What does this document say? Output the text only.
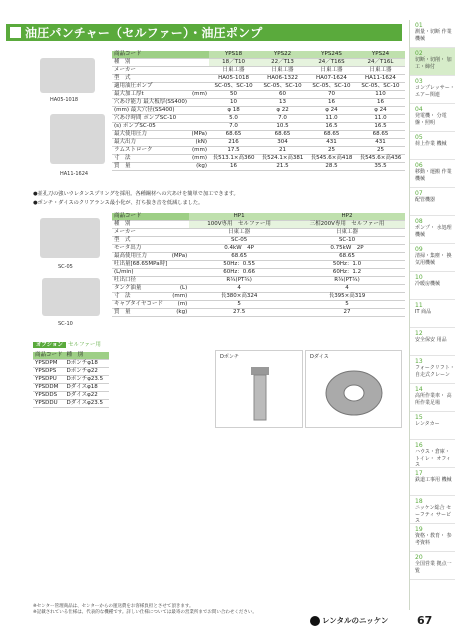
油圧パンチャー（セルファー）・油圧ポンプ
01
測量・切断 作業機械
02
切断・切削・ 加工・締付
03
コンプレッサー・ エアー関連
04
発電機・ 分電盤・照明
05
荷上作業 機械
06
移動・運搬 作業機械
07
配管機器
08
ポンプ・ 水処理機械
09
清掃・集塵・ 換気用機械
10
冷暖房機械
11
IT 商品
12
安全保安 用品
13
フォークリフト・ 自走式クレーン
14
高所作業車・ 高所作業足場
15
レンタカー
16
ハウス・倉庫・ トイレ・ オフィス
17
鉄道工事用 機械
18
ニッケン総合 セーフティ サービス
19
資格・教育・ 参考資料
20
全国営業 拠点一覧
HA05-1018
HA11-1624
商品コード		YPS18	YPS22	YPS24S	YPS24
種　別		18／T10	22／T13	24／T16S	24／T16L
メーカー		日東工器	日東工器	日東工器	日東工器
型　式		HA05-1018	HA06-1322	HA07-1624	HA11-1624
適用油圧ポンプ		SC-05、SC-10	SC-05、SC-10	SC-05、SC-10	SC-05、SC-10
最大加工厚t	(mm)	50	60	70	110
穴あけ能力 最大板厚(SS400)		10	13	16	16
(mm) 最大穴径(SS400)		φ 18	φ 22	φ 24	φ 24
穴あけ時間 ポンプSC-10		5.0	7.0	11.0	11.0
(s) ポンプSC-05		7.0	10.5	16.5	16.5
最大使用圧力	(MPa)	68.65	68.65	68.65	68.65
最大出力	(kN)	216	304	431	431
ラムストローク	(mm)	17.5	21	25	25
寸　法	(mm)	長513.1×高360	長524.1×高381	長545.6×高418	長545.6×高436
質　量	(kg)	16	21.5	28.5	35.5
●並孔刀の強いウレタンスプリングを採用。各種鋼材への穴あけを簡単で加工できます。
●ポンチ・ダイスのクリアランス最小化が、打ち抜き音を低減しました。
SC-05
SC-10
商品コード		HP1	HP2
種　別		100V専用　セルファー用	三相200V専用　セルファー用
メーカー		日東工器	日東工器
型　式		SC-05	SC-10
モータ出力		0.4kW　4P	0.75kW　2P
最高使用圧力	(MPa)	68.65	68.65
吐出量[68.65MPa時]		50Hz：0.55	50Hz：1.0
(L/min)		60Hz：0.66	60Hz：1.2
吐出口径		R¾(PT¾)	R¾(PT¾)
タンク油量	(L)	4	4
寸　法	(mm)	長380×高324	長395×高319
キャブタイヤコード	(m)	5	5
質　量	(kg)	27.5	27
オプション セルファー用
商品コード	種　別
YPSDPM	Dポンチφ18
YPSDPS	Dポンチφ22
YPSDPU	Dポンチφ23.5
YPSDDM	Dダイスφ18
YPSDDS	Dダイスφ22
YPSDDU	Dダイスφ23.5
Dポンチ	Dダイス
※センター管理商品は、センターからの運送費をお客様負担とさせて頂きます。
※記載されている仕様は、代表的な機種です。詳しい仕様については最寄の営業所までお問い合わせください。
レンタルのニッケン	67
